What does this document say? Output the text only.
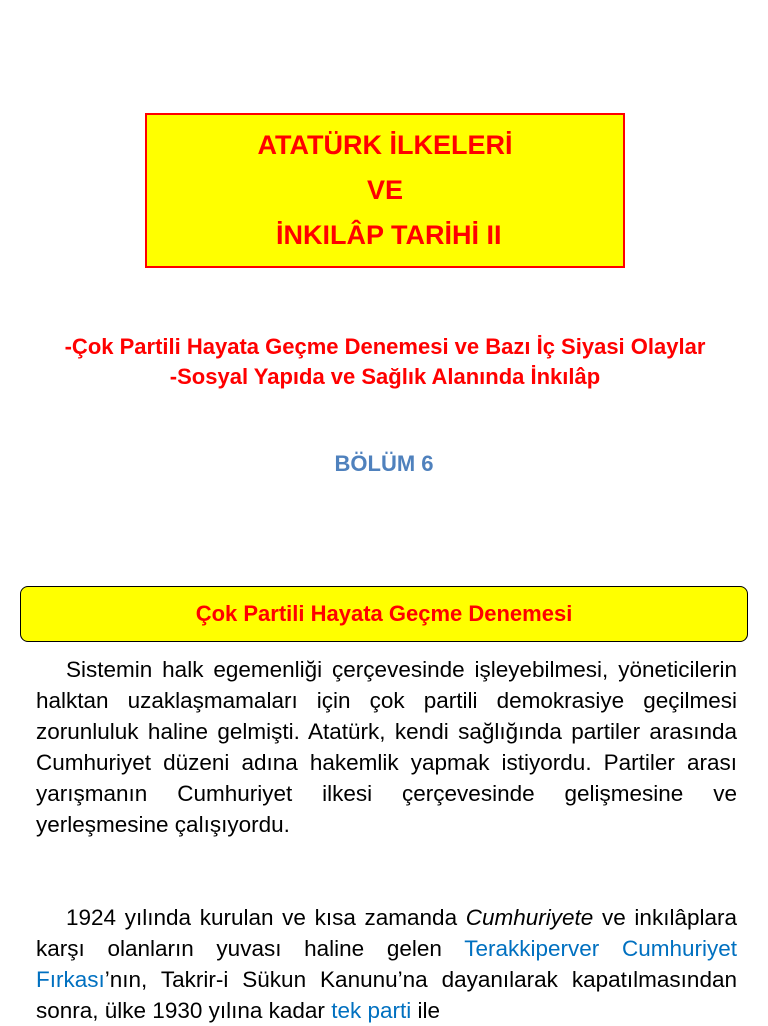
ATATÜRK İLKELERİ
VE
İNKILÂP TARİHİ II
-Çok Partili Hayata Geçme Denemesi ve Bazı İç Siyasi Olaylar
-Sosyal Yapıda ve Sağlık Alanında İnkılâp
BÖLÜM 6
Çok Partili Hayata Geçme Denemesi

Sistemin halk egemenliği çerçevesinde işleyebilmesi, yöneticilerin halktan uzaklaşmamaları için çok partili demokrasiye geçilmesi zorunluluk haline gelmişti. Atatürk, kendi sağlığında partiler arasında Cumhuriyet düzeni adına hakemlik yapmak istiyordu. Partiler arası yarışmanın Cumhuriyet ilkesi çerçevesinde gelişmesine ve yerleşmesine çalışıyordu.

1924 yılında kurulan ve kısa zamanda Cumhuriyete ve inkılâplara karşı olanların yuvası haline gelen Terakkiperver Cumhuriyet Fırkası’nın, Takrir-i Sükun Kanunu’na dayanılarak kapatılmasından sonra, ülke 1930 yılına kadar tek parti ile
